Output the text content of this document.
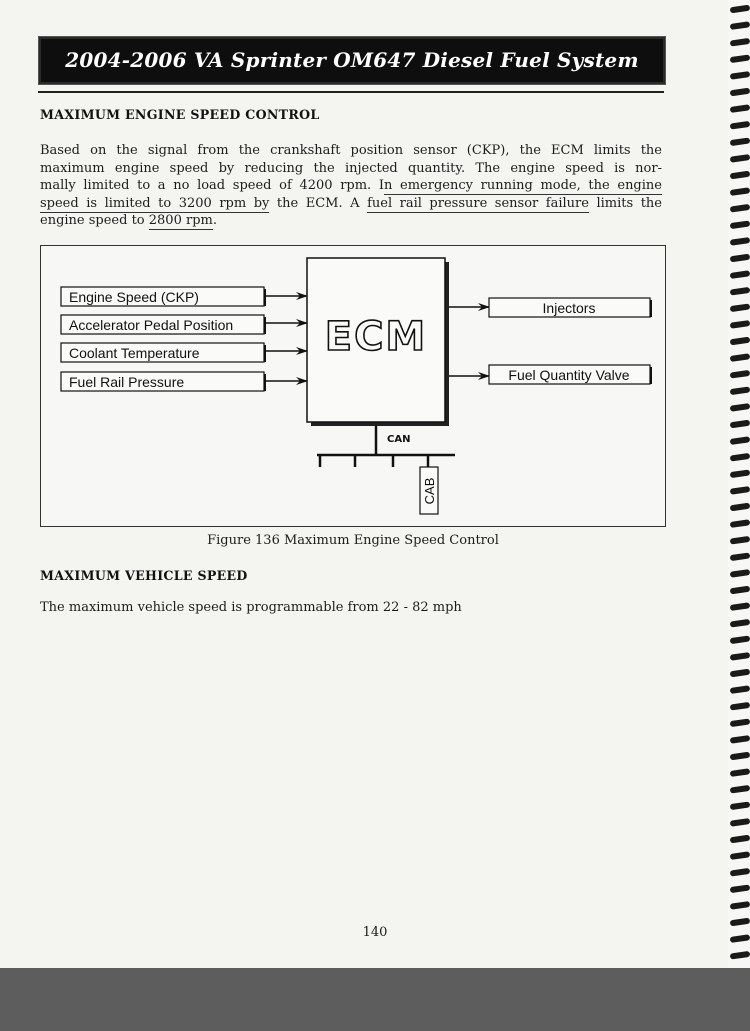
2004-2006 VA Sprinter OM647 Diesel Fuel System
MAXIMUM ENGINE SPEED CONTROL
Based on the signal from the crankshaft position sensor (CKP), the ECM limits the
maximum engine speed by reducing the injected quantity. The engine speed is nor-
mally limited to a no load speed of 4200 rpm. In emergency running mode, the engine
speed is limited to 3200 rpm by the ECM. A fuel rail pressure sensor failure limits the
engine speed to 2800 rpm.
ECM
Engine Speed (CKP)
Accelerator Pedal Position
Coolant Temperature
Fuel Rail Pressure
Injectors
Fuel Quantity Valve
CAN
CAB
Figure 136 Maximum Engine Speed Control
MAXIMUM VEHICLE SPEED
The maximum vehicle speed is programmable from 22 - 82 mph
140
